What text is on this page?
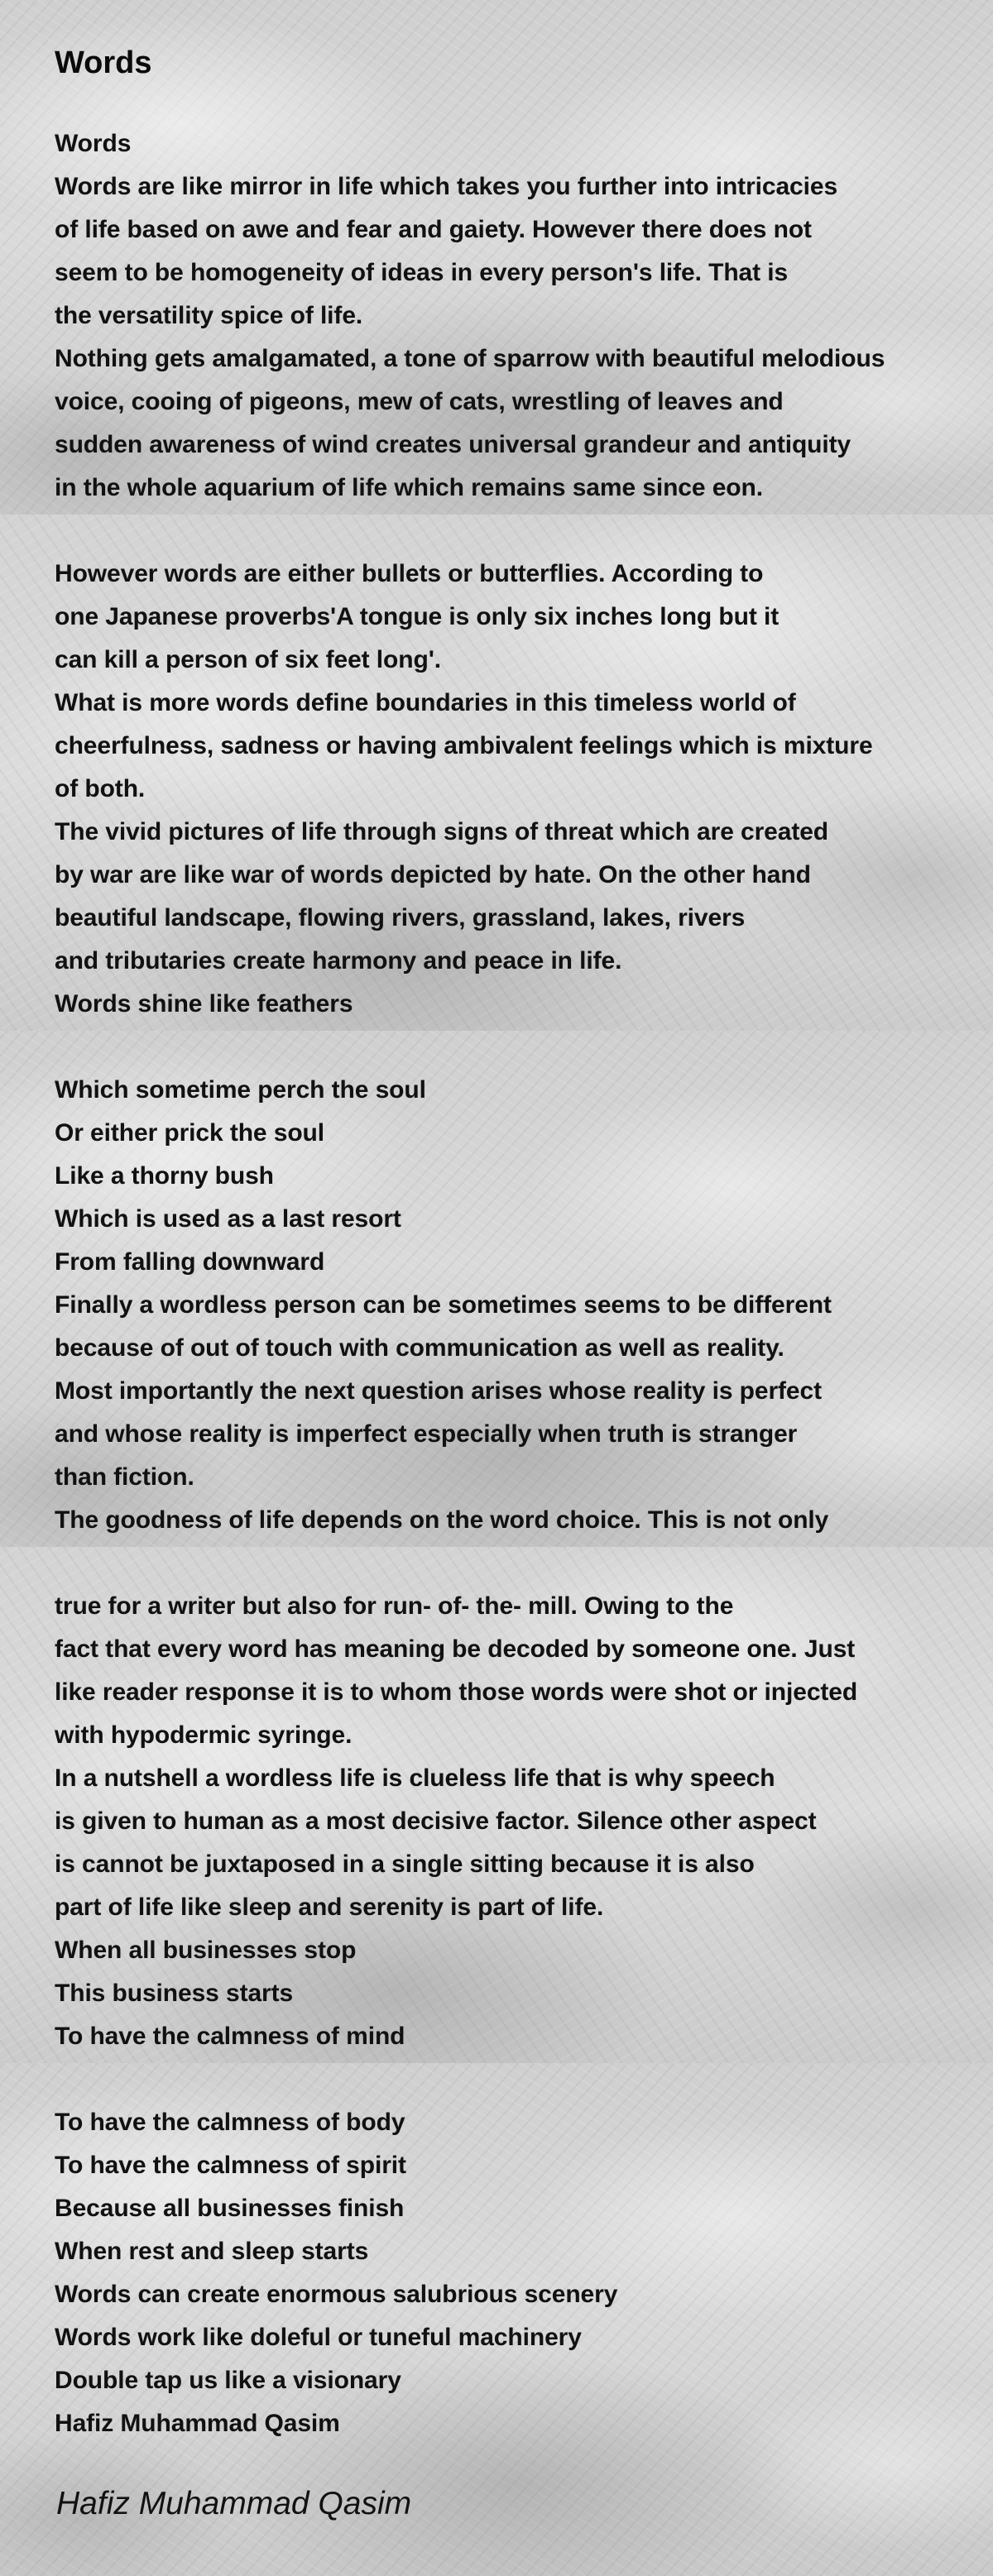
Words
Words
Words are like mirror in life which takes you further into intricacies
of life based on awe and fear and gaiety. However there does not
seem to be homogeneity of ideas in every person's life. That is
the versatility spice of life.
Nothing gets amalgamated, a tone of sparrow with beautiful melodious
voice, cooing of pigeons, mew of cats, wrestling of leaves and
sudden awareness of wind creates universal grandeur and antiquity
in the whole aquarium of life which remains same since eon.
However words are either bullets or butterflies. According to
one Japanese proverbs'A tongue is only six inches long but it
can kill a person of six feet long'.
What is more words define boundaries in this timeless world of
cheerfulness, sadness or having ambivalent feelings which is mixture
of both.
The vivid pictures of life through signs of threat which are created
by war are like war of words depicted by hate. On the other hand
beautiful landscape, flowing rivers, grassland, lakes, rivers
and tributaries create harmony and peace in life.
Words shine like feathers
Which sometime perch the soul
Or either prick the soul
Like a thorny bush
Which is used as a last resort
From falling downward
Finally a wordless person can be sometimes seems to be different
because of out of touch with communication as well as reality.
Most importantly the next question arises whose reality is perfect
and whose reality is imperfect especially when truth is stranger
than fiction.
The goodness of life depends on the word choice. This is not only
true for a writer but also for run- of- the- mill. Owing to the
fact that every word has meaning be decoded by someone one. Just
like reader response it is to whom those words were shot or injected
with hypodermic syringe.
In a nutshell a wordless life is clueless life that is why speech
is given to human as a most decisive factor. Silence other aspect
is cannot be juxtaposed in a single sitting because it is also
part of life like sleep and serenity is part of life.
When all businesses stop
This business starts
To have the calmness of mind
To have the calmness of body
To have the calmness of spirit
Because all businesses finish
When rest and sleep starts
Words can create enormous salubrious scenery
Words work like doleful or tuneful machinery
Double tap us like a visionary
Hafiz Muhammad Qasim

Hafiz Muhammad Qasim
